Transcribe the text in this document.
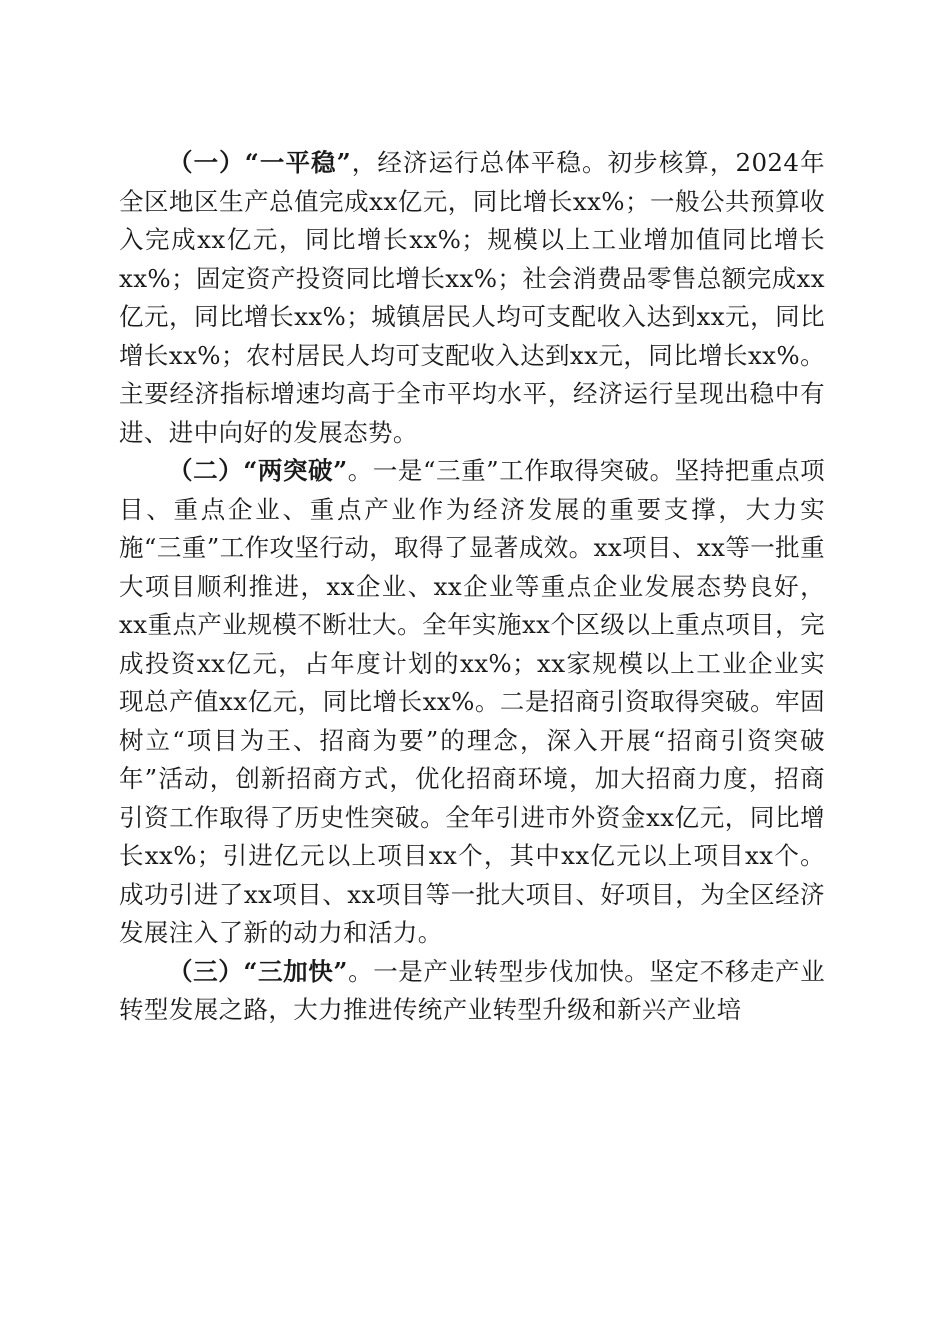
（一）“一平稳”，经济运行总体平稳。初步核算，2024年全区地区生产总值完成xx亿元，同比增长xx%；一般公共预算收入完成xx亿元，同比增长xx%；规模以上工业增加值同比增长xx%；固定资产投资同比增长xx%；社会消费品零售总额完成xx亿元，同比增长xx%；城镇居民人均可支配收入达到xx元，同比增长xx%；农村居民人均可支配收入达到xx元，同比增长xx%。主要经济指标增速均高于全市平均水平，经济运行呈现出稳中有进、进中向好的发展态势。

（二）“两突破”。一是“三重”工作取得突破。坚持把重点项目、重点企业、重点产业作为经济发展的重要支撑，大力实施“三重”工作攻坚行动，取得了显著成效。xx项目、xx等一批重大项目顺利推进，xx企业、xx企业等重点企业发展态势良好，xx重点产业规模不断壮大。全年实施xx个区级以上重点项目，完成投资xx亿元，占年度计划的xx%；xx家规模以上工业企业实现总产值xx亿元，同比增长xx%。二是招商引资取得突破。牢固树立“项目为王、招商为要”的理念，深入开展“招商引资突破年”活动，创新招商方式，优化招商环境，加大招商力度，招商引资工作取得了历史性突破。全年引进市外资金xx亿元，同比增长xx%；引进亿元以上项目xx个，其中xx亿元以上项目xx个。成功引进了xx项目、xx项目等一批大项目、好项目，为全区经济发展注入了新的动力和活力。

（三）“三加快”。一是产业转型步伐加快。坚定不移走产业转型发展之路，大力推进传统产业转型升级和新兴产业培
